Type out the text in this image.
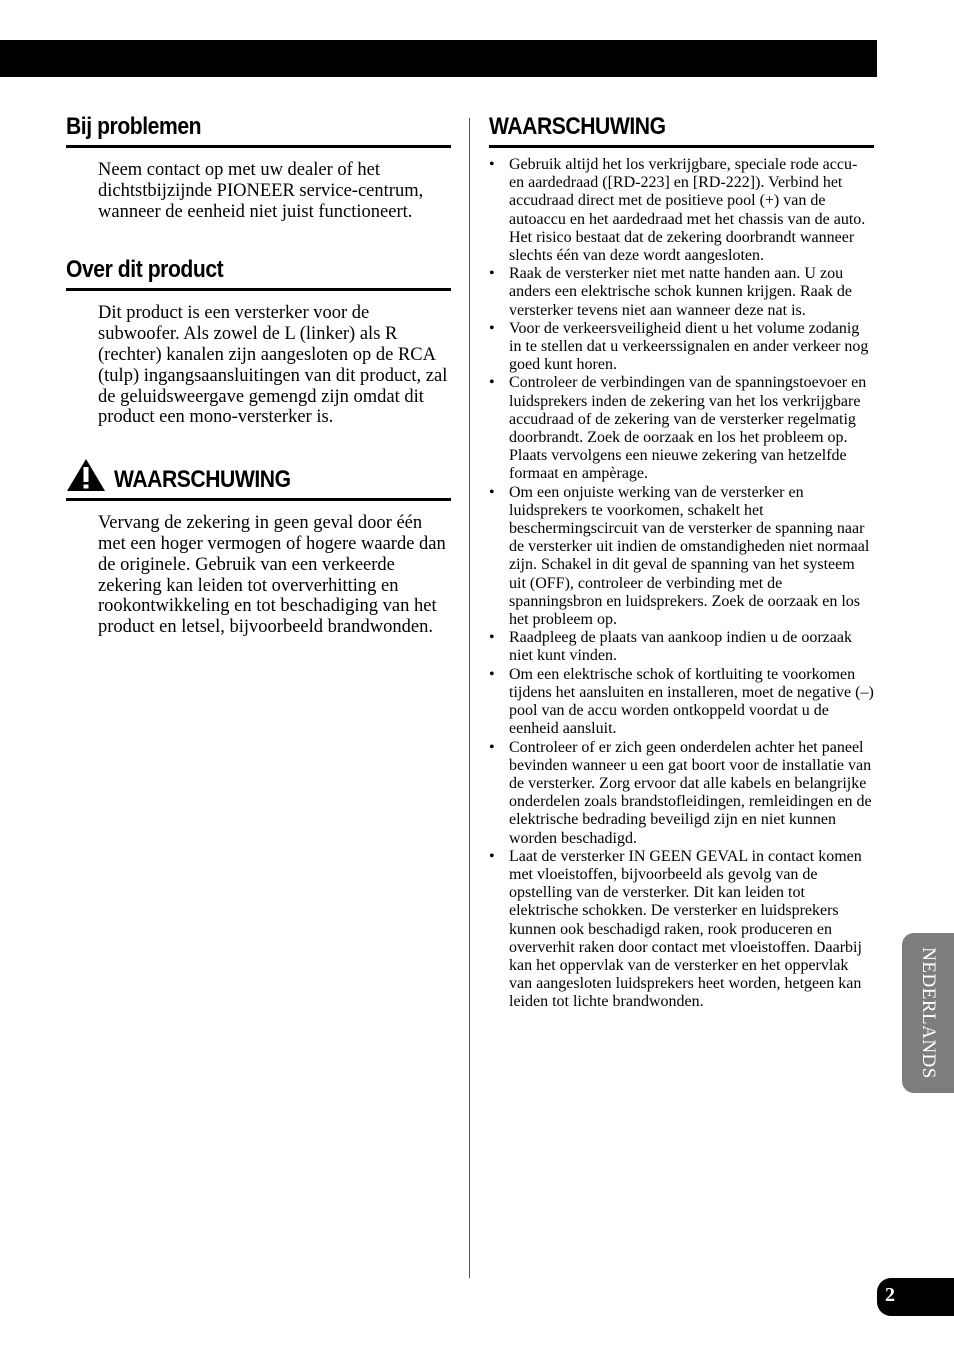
Bij problemen

Neem contact op met uw dealer of het dichtstbijzijnde PIONEER service-centrum, wanneer de eenheid niet juist functioneert.

Over dit product

Dit product is een versterker voor de subwoofer. Als zowel de L (linker) als R (rechter) kanalen zijn aangesloten op de RCA (tulp) ingangsaansluitingen van dit product, zal de geluidsweergave gemengd zijn omdat dit product een mono-versterker is.

WAARSCHUWING

Vervang de zekering in geen geval door één met een hoger vermogen of hogere waarde dan de originele. Gebruik van een verkeerde zekering kan leiden tot oververhitting en rookontwikkeling en tot beschadiging van het product en letsel, bijvoorbeeld brandwonden.

WAARSCHUWING
• Gebruik altijd het los verkrijgbare, speciale rode accu- en aardedraad ([RD-223] en [RD-222]). Verbind het accudraad direct met de positieve pool (+) van de autoaccu en het aardedraad met het chassis van de auto. Het risico bestaat dat de zekering doorbrandt wanneer slechts één van deze wordt aangesloten.
• Raak de versterker niet met natte handen aan. U zou anders een elektrische schok kunnen krijgen. Raak de versterker tevens niet aan wanneer deze nat is.
• Voor de verkeersveiligheid dient u het volume zodanig in te stellen dat u verkeerssignalen en ander verkeer nog goed kunt horen.
• Controleer de verbindingen van de spanningstoevoer en luidsprekers inden de zekering van het los verkrijgbare accudraad of de zekering van de versterker regelmatig doorbrandt. Zoek de oorzaak en los het probleem op. Plaats vervolgens een nieuwe zekering van hetzelfde formaat en ampèrage.
• Om een onjuiste werking van de versterker en luidsprekers te voorkomen, schakelt het beschermingscircuit van de versterker de spanning naar de versterker uit indien de omstandigheden niet normaal zijn. Schakel in dit geval de spanning van het systeem uit (OFF), controleer de verbinding met de spanningsbron en luidsprekers. Zoek de oorzaak en los het probleem op.
• Raadpleeg de plaats van aankoop indien u de oorzaak niet kunt vinden.
• Om een elektrische schok of kortluiting te voorkomen tijdens het aansluiten en installeren, moet de negative (–) pool van de accu worden ontkoppeld voordat u de eenheid aansluit.
• Controleer of er zich geen onderdelen achter het paneel bevinden wanneer u een gat boort voor de installatie van de versterker. Zorg ervoor dat alle kabels en belangrijke onderdelen zoals brandstofleidingen, remleidingen en de elektrische bedrading beveiligd zijn en niet kunnen worden beschadigd.
• Laat de versterker IN GEEN GEVAL in contact komen met vloeistoffen, bijvoorbeeld als gevolg van de opstelling van de versterker. Dit kan leiden tot elektrische schokken. De versterker en luidsprekers kunnen ook beschadigd raken, rook produceren en oververhit raken door contact met vloeistoffen. Daarbij kan het oppervlak van de versterker en het oppervlak van aangesloten luidsprekers heet worden, hetgeen kan leiden tot lichte brandwonden.	NEDERLANDS
2
